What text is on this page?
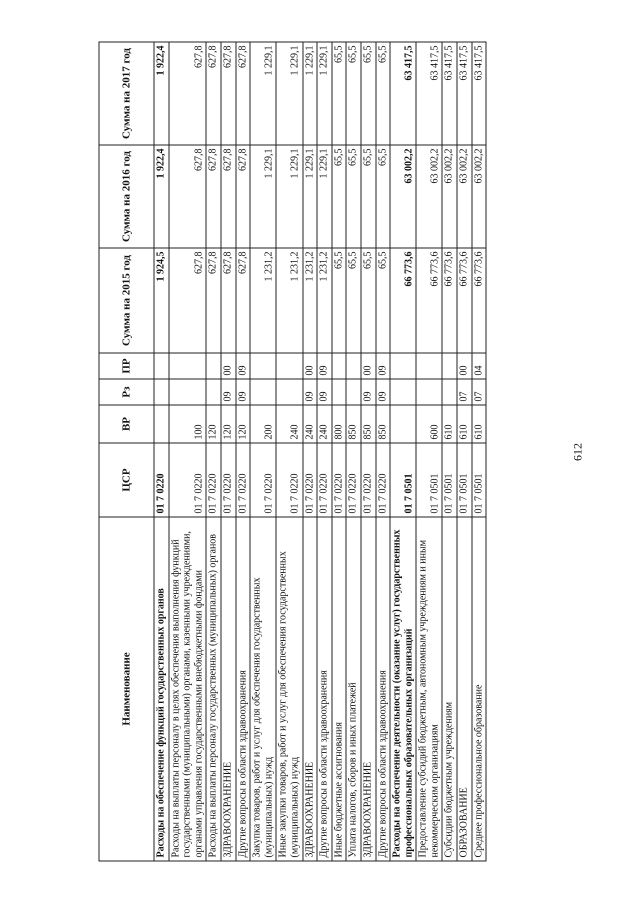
612
Наименование	ЦСР	ВР	Рз	ПР	Сумма на 2015 год	Сумма на 2016 год	Сумма на 2017 год
Расходы на обеспечение функций государственных органов	01 7 0220				1 924,5	1 922,4	1 922,4
Расходы на выплаты персоналу в целях обеспечения выполнения функций государственными (муниципальными) органами, казенными учреждениями, органами управления государственными внебюджетными фондами	01 7 0220	100			627,8	627,8	627,8
Расходы на выплаты персоналу государственных (муниципальных) органов	01 7 0220	120			627,8	627,8	627,8
ЗДРАВООХРАНЕНИЕ	01 7 0220	120	09	00	627,8	627,8	627,8
Другие вопросы в области здравоохранения	01 7 0220	120	09	09	627,8	627,8	627,8
Закупка товаров, работ и услуг для обеспечения государственных (муниципальных) нужд	01 7 0220	200			1 231,2	1 229,1	1 229,1
Иные закупки товаров, работ и услуг для обеспечения государственных (муниципальных) нужд	01 7 0220	240			1 231,2	1 229,1	1 229,1
ЗДРАВООХРАНЕНИЕ	01 7 0220	240	09	00	1 231,2	1 229,1	1 229,1
Другие вопросы в области здравоохранения	01 7 0220	240	09	09	1 231,2	1 229,1	1 229,1
Иные бюджетные ассигнования	01 7 0220	800			65,5	65,5	65,5
Уплата налогов, сборов и иных платежей	01 7 0220	850			65,5	65,5	65,5
ЗДРАВООХРАНЕНИЕ	01 7 0220	850	09	00	65,5	65,5	65,5
Другие вопросы в области здравоохранения	01 7 0220	850	09	09	65,5	65,5	65,5
Расходы на обеспечение деятельности (оказание услуг) государственных профессиональных образовательных организаций	01 7 0501				66 773,6	63 002,2	63 417,5
Предоставление субсидий бюджетным, автономным учреждениям и иным некоммерческим организациям	01 7 0501	600			66 773,6	63 002,2	63 417,5
Субсидии бюджетным учреждениям	01 7 0501	610			66 773,6	63 002,2	63 417,5
ОБРАЗОВАНИЕ	01 7 0501	610	07	00	66 773,6	63 002,2	63 417,5
Среднее профессиональное образование	01 7 0501	610	07	04	66 773,6	63 002,2	63 417,5
